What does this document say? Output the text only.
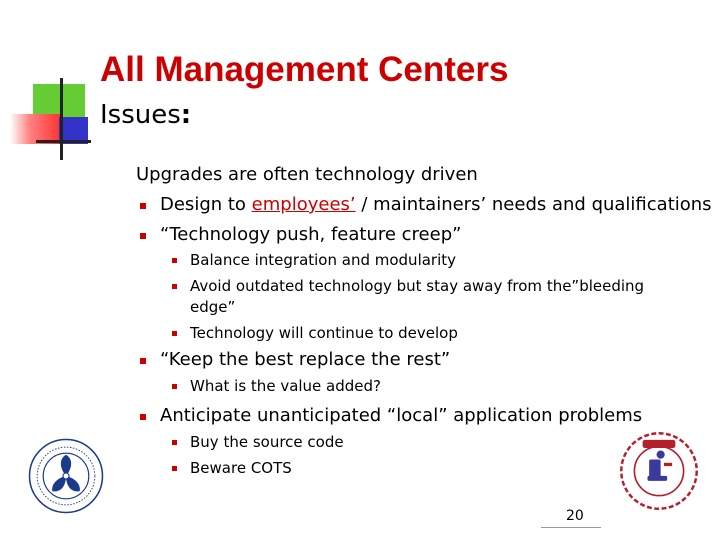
All Management Centers
Issues:
Upgrades are often technology driven
Design to employees’ / maintainers’ needs and qualifications
“Technology push, feature creep”
Balance integration and modularity
Avoid outdated technology but stay away from the”bleeding
edge”
Technology will continue to develop
“Keep the best replace the rest”
What is the value added?
Anticipate unanticipated “local” application problems
Buy the source code
Beware COTS
20
